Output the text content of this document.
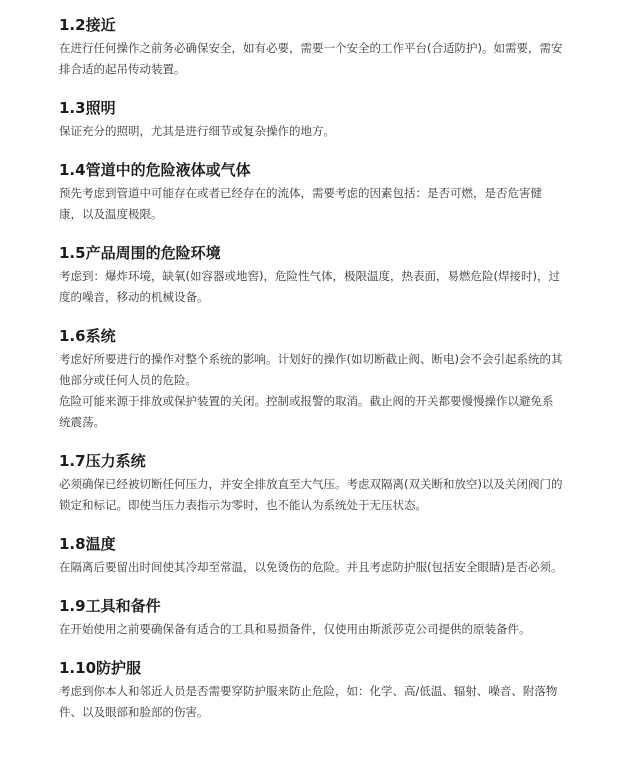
1.2接近

在进行任何操作之前务必确保安全，如有必要，需要一个安全的工作平台(合适防护)。如需要，需安排合适的起吊传动装置。

1.3照明

保证充分的照明，尤其是进行细节或复杂操作的地方。

1.4管道中的危险液体或气体

预先考虑到管道中可能存在或者已经存在的流体，需要考虑的因素包括：是否可燃，是否危害健康，以及温度极限。

1.5产品周围的危险环境

考虑到：爆炸环境，缺氧(如容器或地窖)，危险性气体，极限温度，热表面，易燃危险(焊接时)，过度的噪音，移动的机械设备。

1.6系统

考虑好所要进行的操作对整个系统的影响。计划好的操作(如切断截止阀、断电)会不会引起系统的其他部分或任何人员的危险。

危险可能来源于排放或保护装置的关闭。控制或报警的取消。截止阀的开关都要慢慢操作以避免系统震荡。

1.7压力系统

必须确保已经被切断任何压力，并安全排放直至大气压。考虑双隔离(双关断和放空)以及关闭阀门的锁定和标记。即使当压力表指示为零时，也不能认为系统处于无压状态。

1.8温度

在隔离后要留出时间使其冷却至常温，以免烫伤的危险。并且考虑防护服(包括安全眼睛)是否必须。

1.9工具和备件

在开始使用之前要确保备有适合的工具和易损备件，仅使用由斯派莎克公司提供的原装备件。

1.10防护服

考虑到你本人和邻近人员是否需要穿防护服来防止危险，如：化学、高/低温、辐射、噪音、附落物件、以及眼部和脸部的伤害。
